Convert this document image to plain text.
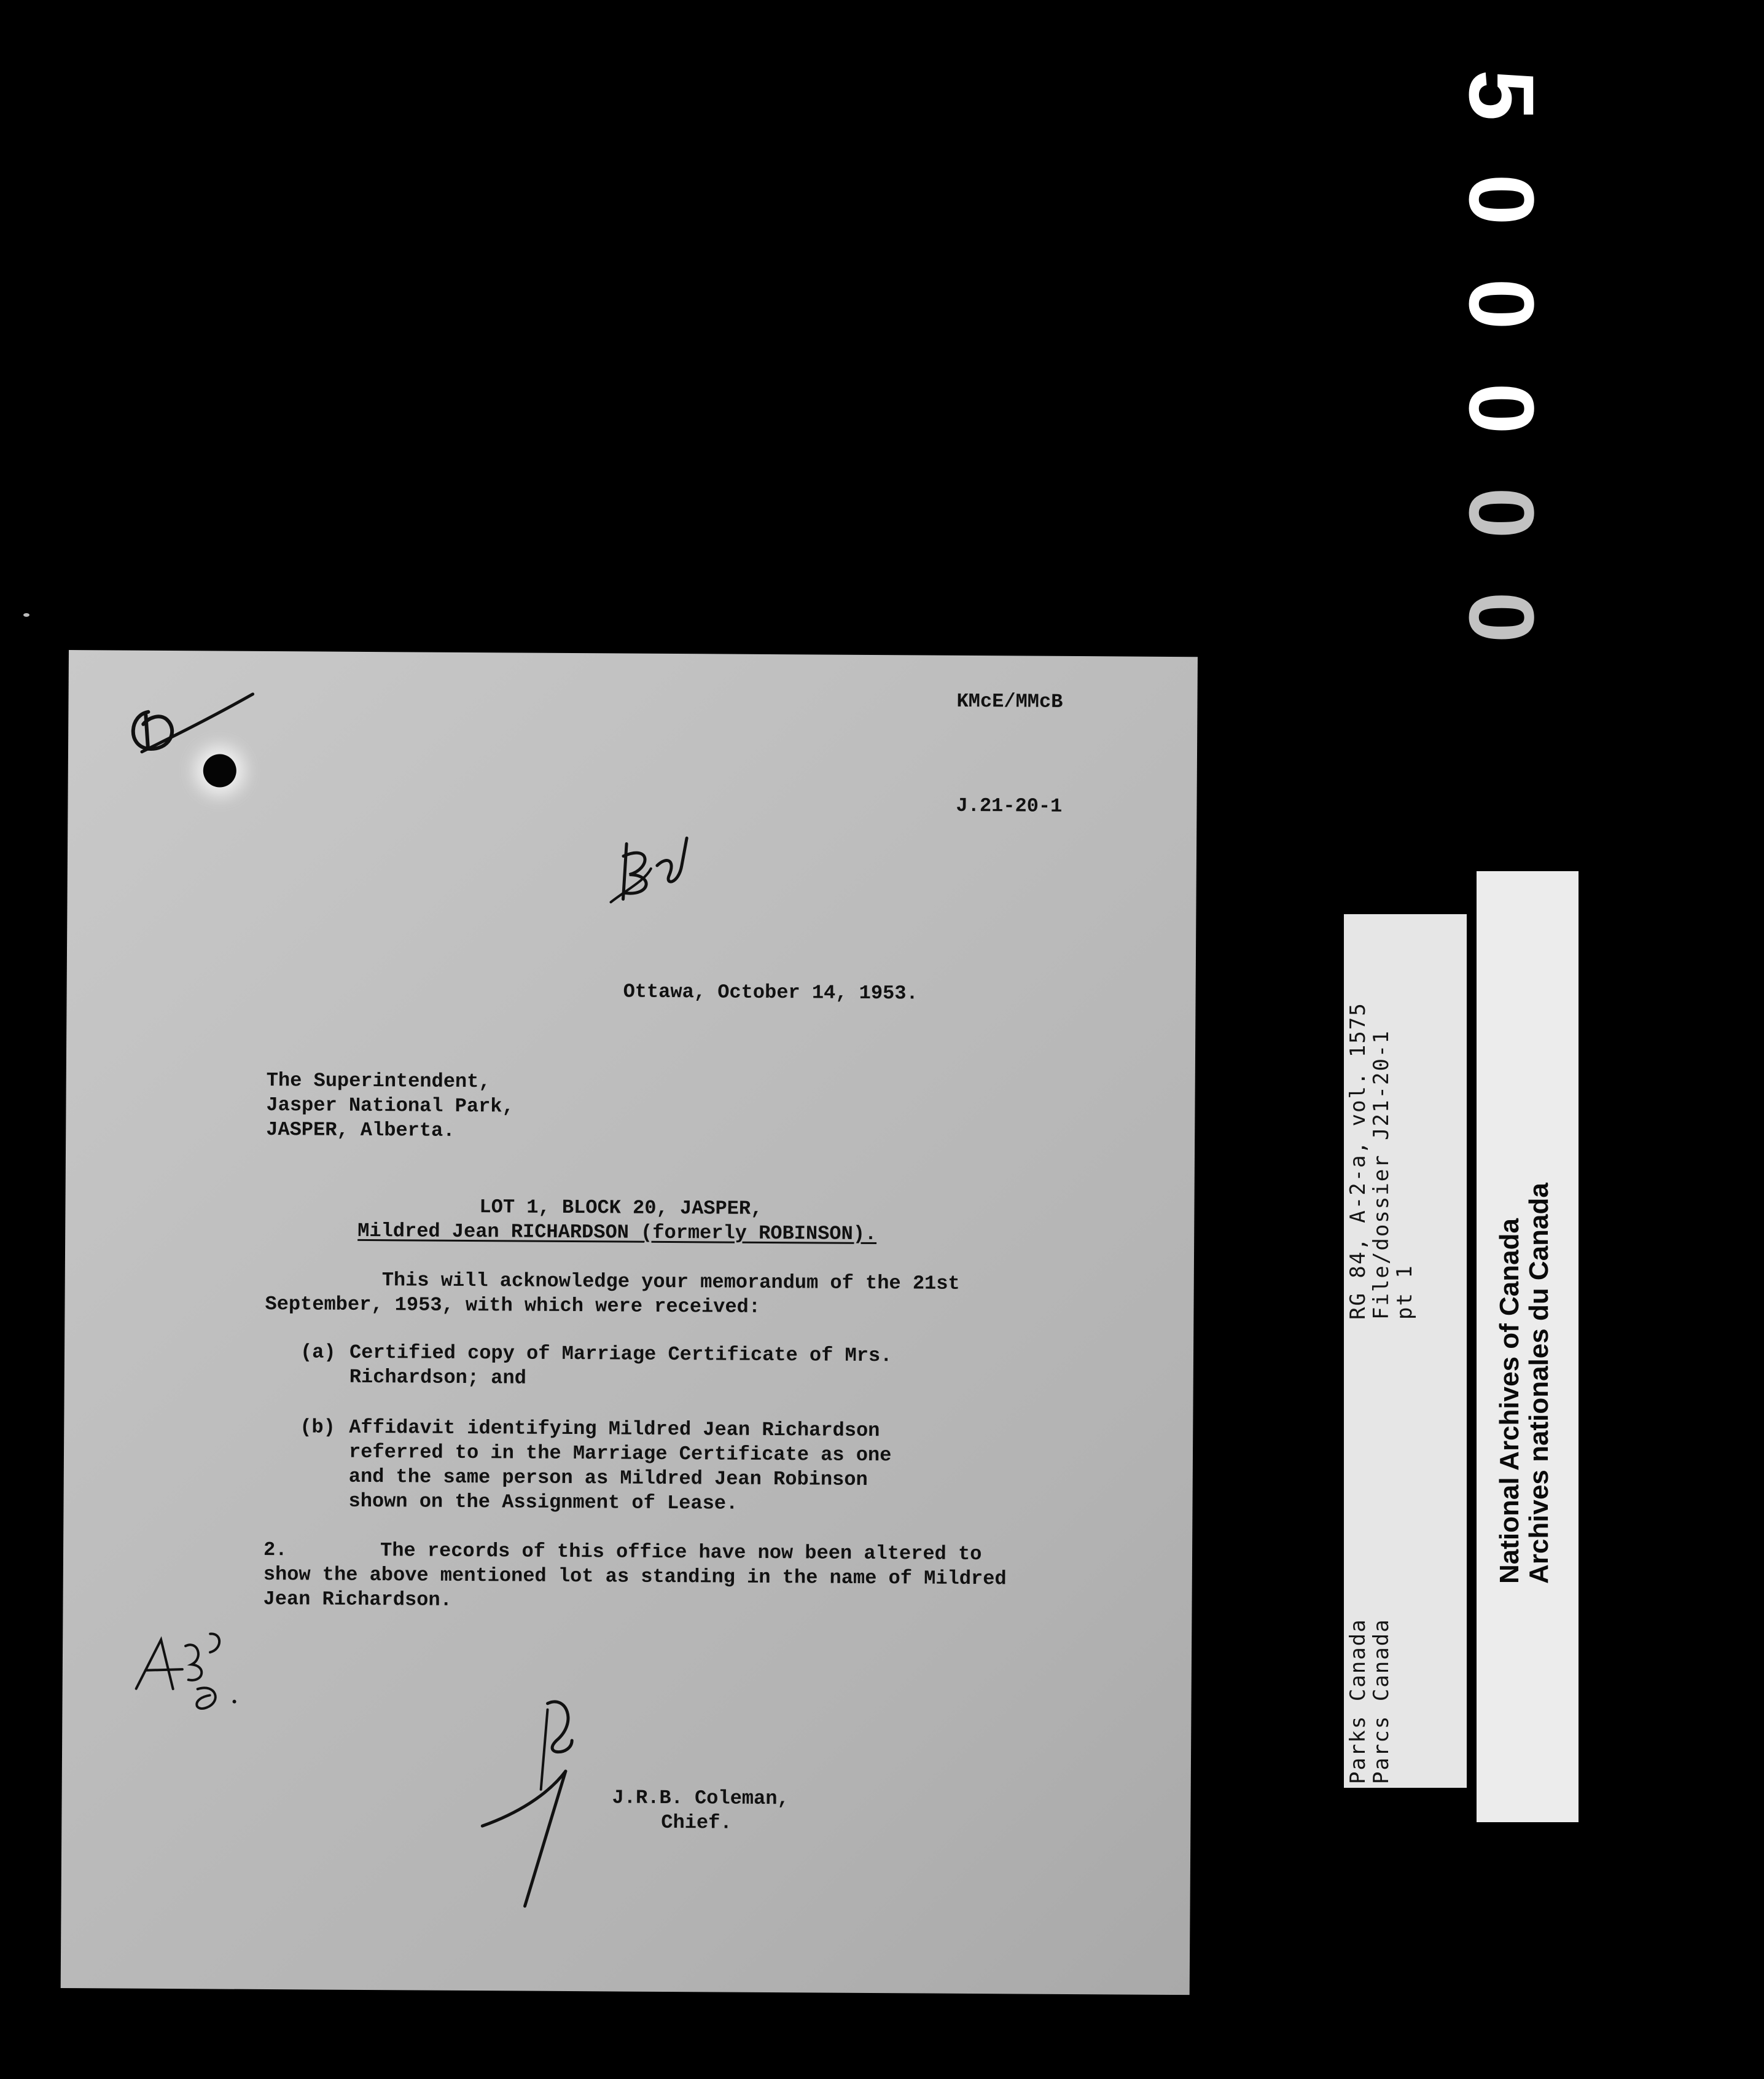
5
0
0
0
0
0
KMcE/MMcB
J.21-20-1
Ottawa, October 14, 1953.
The Superintendent,
Jasper National Park,
JASPER, Alberta.
LOT 1, BLOCK 20, JASPER,
Mildred Jean RICHARDSON (formerly ROBINSON).
This will acknowledge your memorandum of the 21st
September, 1953, with which were received:
(a) Certified copy of Marriage Certificate of Mrs.
Richardson; and
(b) Affidavit identifying Mildred Jean Richardson
referred to in the Marriage Certificate as one
and the same person as Mildred Jean Robinson
shown on the Assignment of Lease.
2.	The records of this office have now been altered to
show the above mentioned lot as standing in the name of Mildred
Jean Richardson.
J.R.B. Coleman,
Chief.
RG 84, A-2-a, vol. 1575
File/dossier J21-20-1
pt 1
Parks Canada
Parcs Canada
National Archives of Canada Archives nationales du Canada
